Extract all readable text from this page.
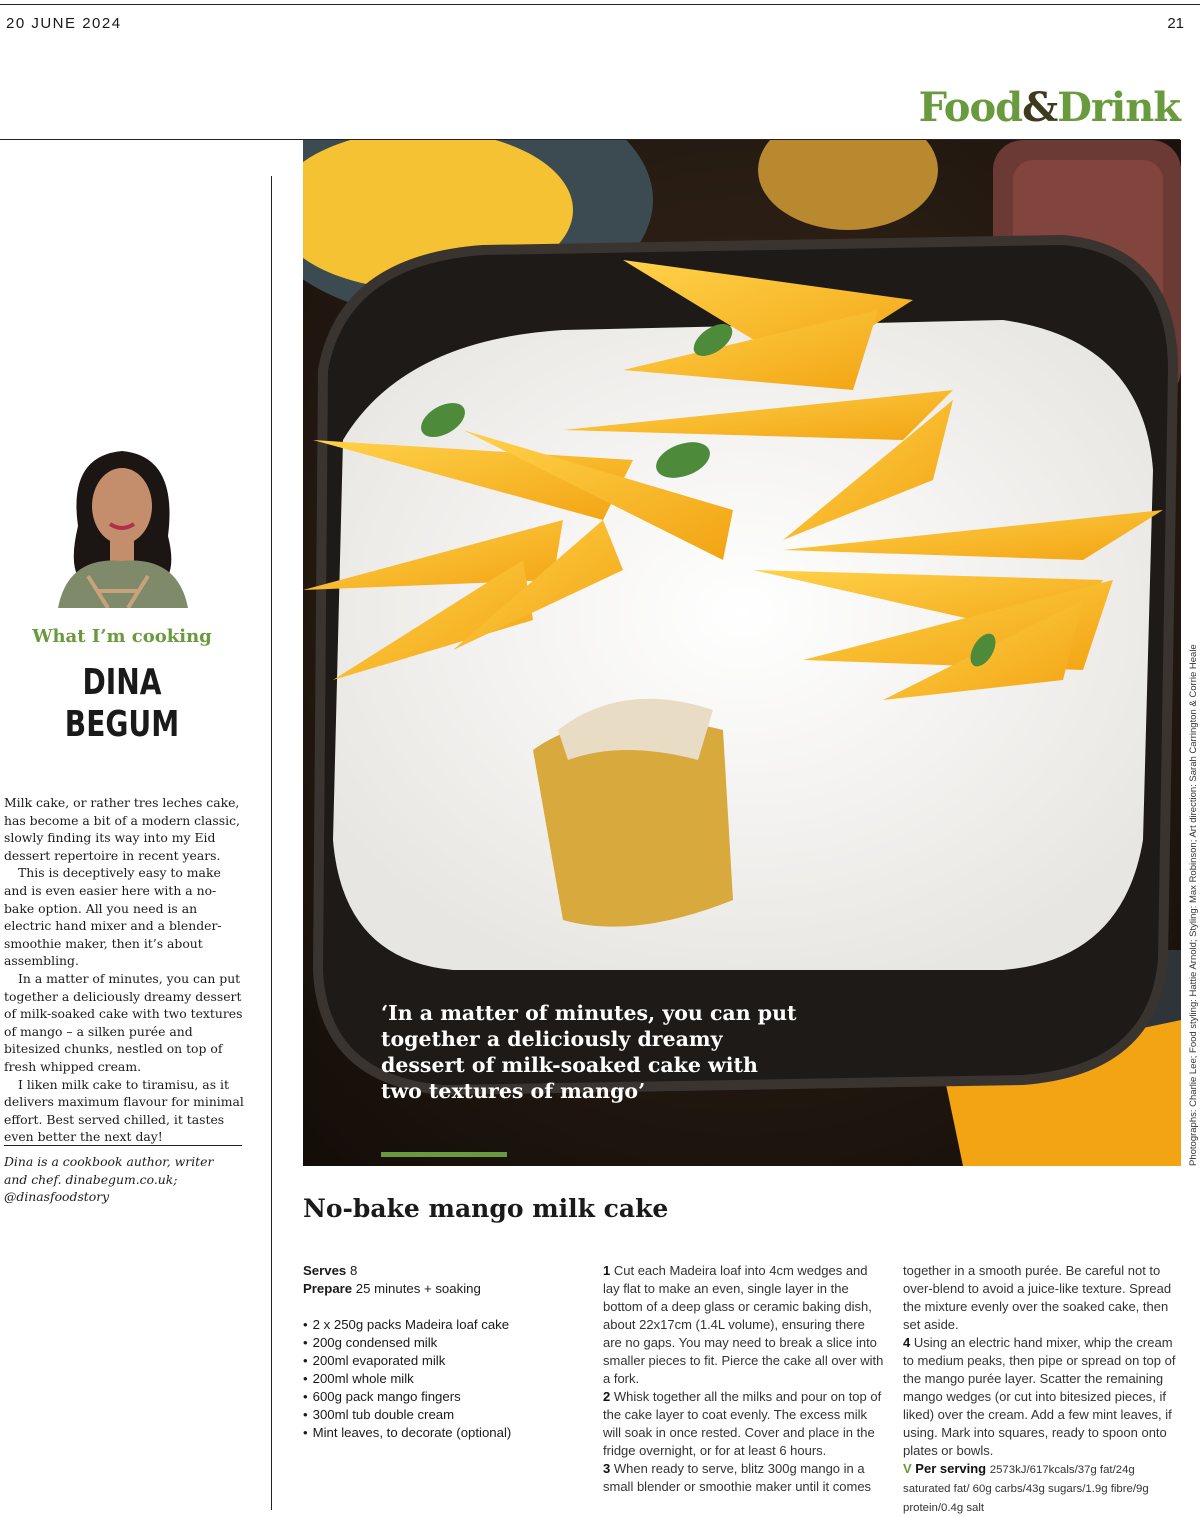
20 JUNE 2024	21
Food&Drink
‘In a matter of minutes, you can put together a deliciously dreamy dessert of milk-soaked cake with two textures of mango’	Photographs: Charlie Lee; Food styling: Hattie Arnold; Styling: Max Robinson; Art direction: Sarah Carrington & Corrie Heale
What I’m cooking
DINA
BEGUM

Milk cake, or rather tres leches cake, has become a bit of a modern classic, slowly finding its way into my Eid dessert repertoire in recent years.

This is deceptively easy to make and is even easier here with a no-bake option. All you need is an electric hand mixer and a blender-smoothie maker, then it’s about assembling.

In a matter of minutes, you can put together a deliciously dreamy dessert of milk-soaked cake with two textures of mango – a silken purée and bitesized chunks, nestled on top of fresh whipped cream.

I liken milk cake to tiramisu, as it delivers maximum flavour for minimal effort. Best served chilled, it tastes even better the next day!

Dina is a cookbook author, writer and chef. dinabegum.co.uk; @dinasfoodstory	No-bake mango milk cake
Serves 8
Prepare 25 minutes + soaking
• 2 x 250g packs Madeira loaf cake
• 200g condensed milk
• 200ml evaporated milk
• 200ml whole milk
• 600g pack mango fingers
• 300ml tub double cream
• Mint leaves, to decorate (optional)

1 Cut each Madeira loaf into 4cm wedges and lay flat to make an even, single layer in the bottom of a deep glass or ceramic baking dish, about 22x17cm (1.4L volume), ensuring there are no gaps. You may need to break a slice into smaller pieces to fit. Pierce the cake all over with a fork.

2 Whisk together all the milks and pour on top of the cake layer to coat evenly. The excess milk will soak in once rested. Cover and place in the fridge overnight, or for at least 6 hours.

3 When ready to serve, blitz 300g mango in a small blender or smoothie maker until it comes

together in a smooth purée. Be careful not to over-blend to avoid a juice-like texture. Spread the mixture evenly over the soaked cake, then set aside.

4 Using an electric hand mixer, whip the cream to medium peaks, then pipe or spread on top of the mango purée layer. Scatter the remaining mango wedges (or cut into bitesized pieces, if liked) over the cream. Add a few mint leaves, if using. Mark into squares, ready to spoon onto plates or bowls.

V Per serving 2573kJ/617kcals/37g fat/24g saturated fat/ 60g carbs/43g sugars/1.9g fibre/9g protein/0.4g salt
